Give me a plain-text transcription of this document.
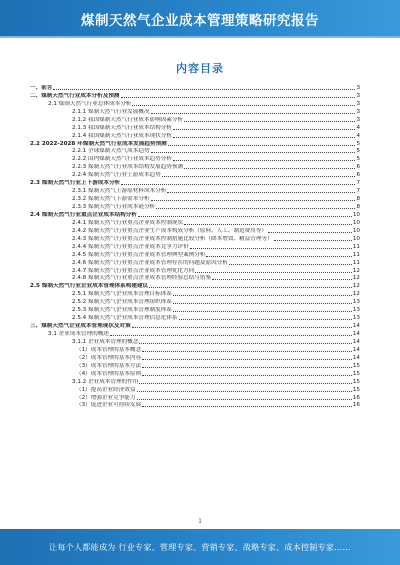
煤制天然气企业成本管理策略研究报告
内容目录
一、前言	3
二、煤制天然气行业成本分析及预测	3
2.1 煤制天然气行业总体成本分析	3
2.1.1 煤制天然气行业发展概况	3
2.1.2 我国煤制天然气行业成本影响因素分析	3
2.1.3 我国煤制天然气行业成本结构分析	4
2.1.4 我国煤制天然气行业成本现状分析	4
2.2 2022-2028 年煤制天然气行业成本发展趋势预测	5
2.2.1 全球煤制天然气成本趋势	5
2.2.2 国内煤制天然气行业成本趋势分析	5
2.2.3 煤制天然气行业成本结构发展趋势预测	6
2.2.4 煤制天然气行业上游成本趋势	6
2.3 煤制天然气行业上下游成本分析	7
2.3.1 煤制天然气上游原材料成本分析	7
2.3.2 煤制天然气下游需求分析	8
2.3.3 煤制天然气行业成本链分析	8
2.4 煤制天然气行业重点企业成本结构分析	10
2.4.1 煤制天然气行业重点企业成本控制现状	10
2.4.2 煤制天然气行业重点企业生产成本构成分析（原料、人工、制造费用等）	10
2.4.3 煤制天然气行业重点企业成本控制措施比较分析（降本增效、精益管理等）	10
2.4.4 煤制天然气行业重点企业成本竞争力评价	11
2.4.5 煤制天然气行业重点企业成本管理典型案例分析	11
2.4.6 煤制天然气行业重点企业成本管理存在的问题及原因分析	11
2.4.7 煤制天然气行业重点企业成本管理优化方向	12
2.4.8 煤制天然气行业重点企业成本管理经验总结与借鉴	12
2.5 煤制天然气行业企业成本管理体系构建建议	12
2.5.1 煤制天然气企业成本管理目标体系	12
2.5.2 煤制天然气企业成本管理组织体系	13
2.5.3 煤制天然气企业成本管理制度体系	13
2.5.4 煤制天然气企业成本管理信息化体系	13
三、煤制天然气企业成本管理现状及对策	14
3.1 企业成本管理的概述	14
3.1.1 企业成本管理的概念	14
（1）成本管理的基本概念	14
（2）成本管理的基本内容	14
（3）成本管理的基本方法	15
（4）成本管理的基本原则	15
3.1.2 企业成本管理的作用	15
（1）提高企业经济效益	15
（2）增强企业竞争能力	16
（3）促进企业可持续发展	16
1
让每个人都能成为 行业专家、管理专家、营销专家、战略专家、成本控制专家……
